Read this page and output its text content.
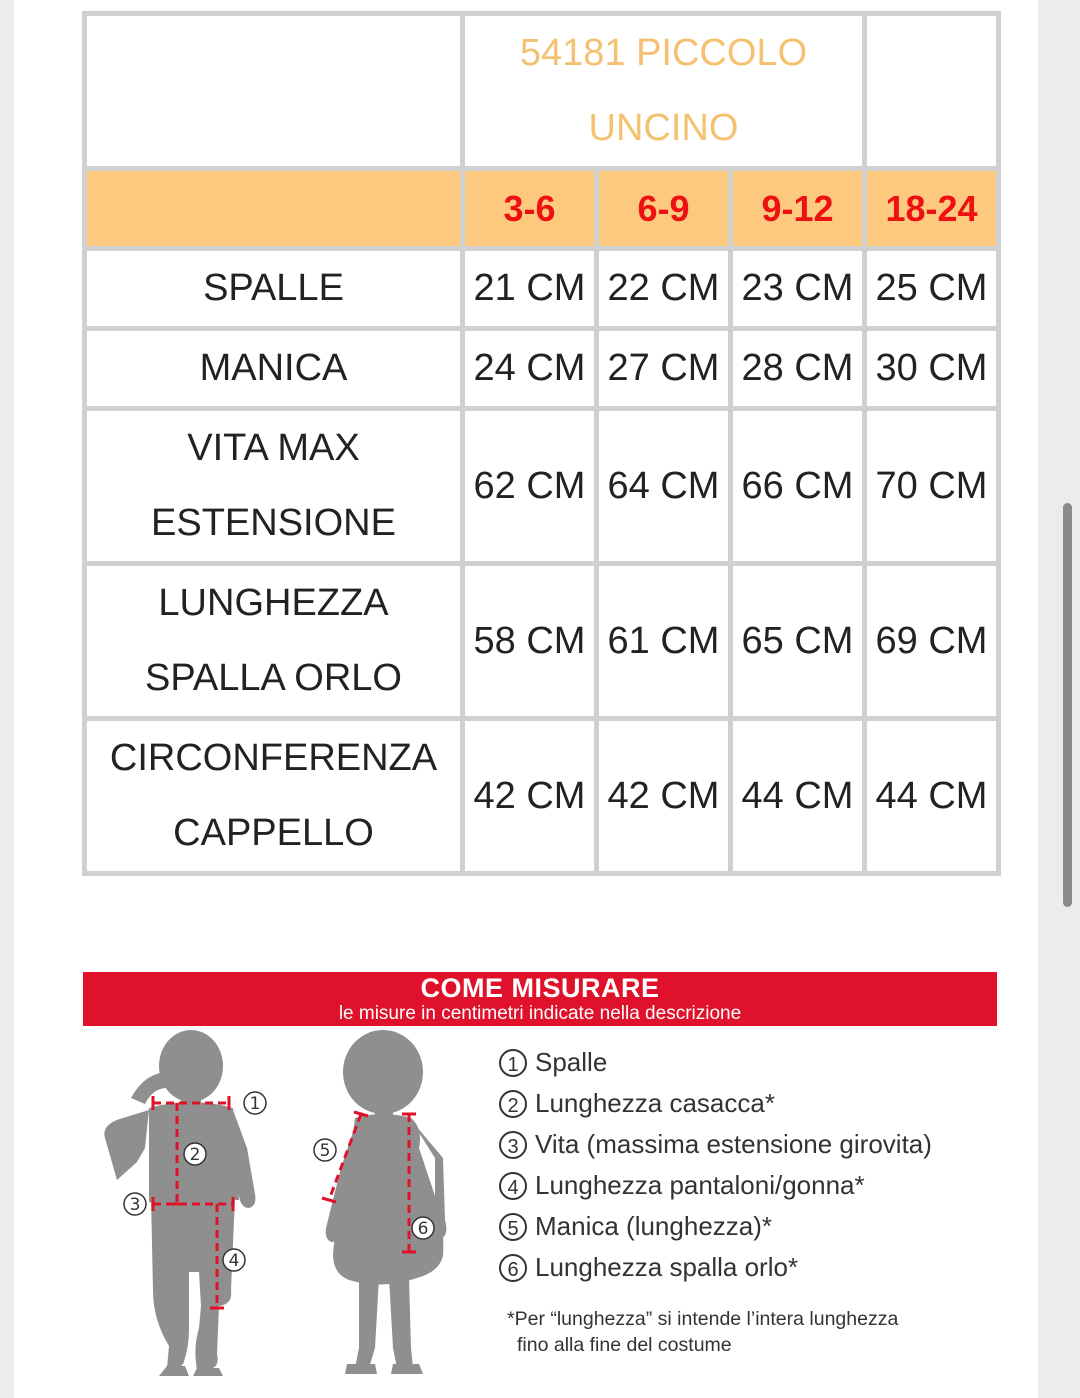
	54181 PICCOLO
UNCINO			

	3-6	6-9	9-12	18-24

SPALLE	21 CM	22 CM	23 CM	25 CM

MANICA	24 CM	27 CM	28 CM	30 CM

VITA MAX
ESTENSIONE	62 CM	64 CM	66 CM	70 CM

LUNGHEZZA
SPALLA ORLO	58 CM	61 CM	65 CM	69 CM

CIRCONFERENZA
CAPPELLO	42 CM	42 CM	44 CM	44 CM
COME MISURARE
le misure in centimetri indicate nella descrizione
1
2
3
4
5
6
1 Spalle
2 Lunghezza casacca*
3 Vita (massima estensione girovita)
4 Lunghezza pantaloni/gonna*
5 Manica (lunghezza)*
6 Lunghezza spalla orlo*
*Per “lunghezza” si intende l’intera lunghezza
fino alla fine del costume
